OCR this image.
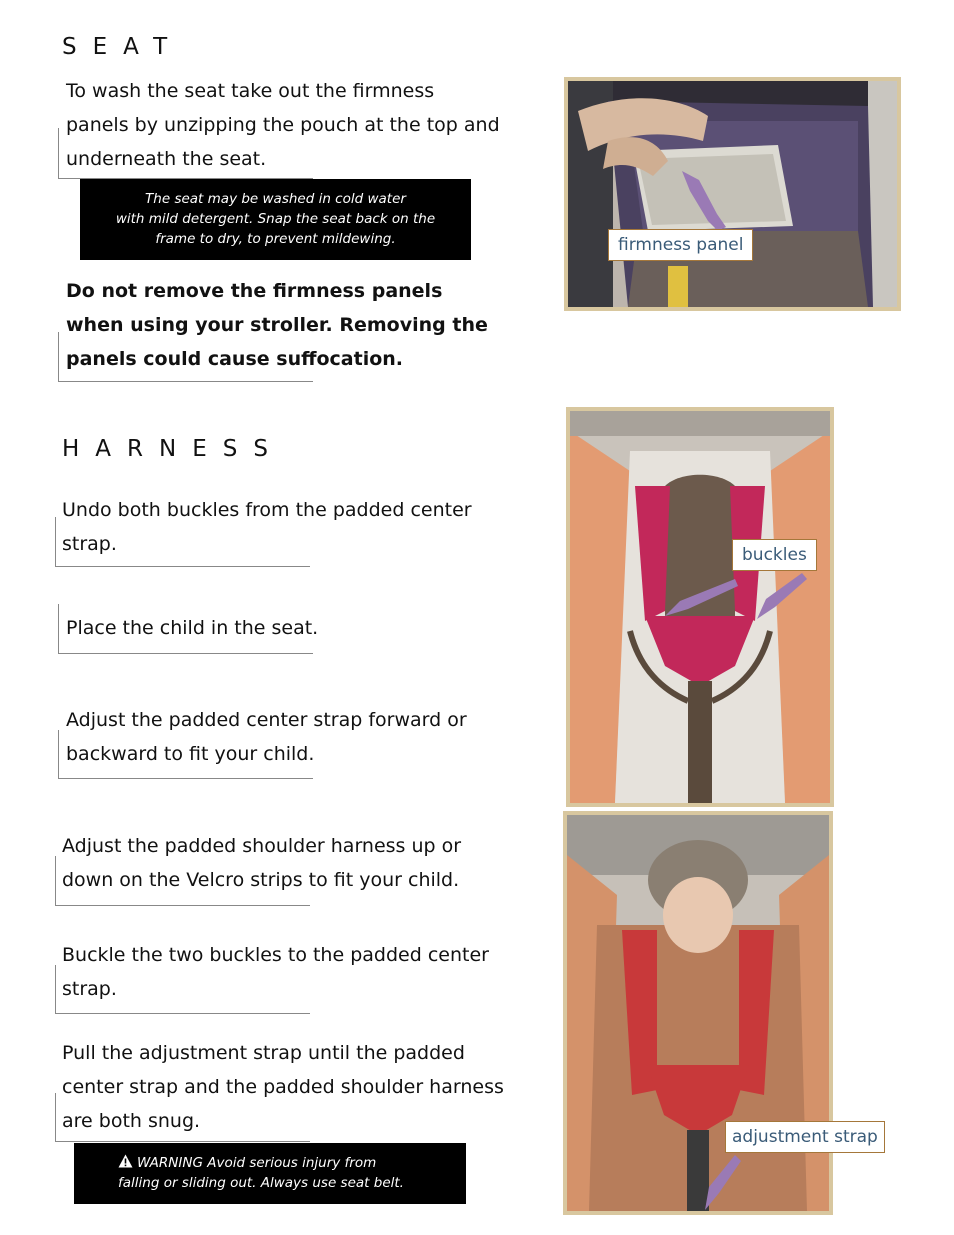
SEAT
To wash the seat take out the firmness
panels by unzipping the pouch at the top and
underneath the seat.
The seat may be washed in cold water
with mild detergent. Snap the seat back on the
frame to dry, to prevent mildewing.
Do not remove the firmness panels
when using your stroller. Removing the
panels could cause suffocation.
firmness panel
HARNESS
Undo both buckles from the padded center
strap.
Place the child in the seat.
Adjust the padded center strap forward or
backward to fit your child.
Adjust the padded shoulder harness up or
down on the Velcro strips to fit your child.
Buckle the two buckles to the padded center
strap.
Pull the adjustment strap until the padded
center strap and the padded shoulder harness
are both snug.
WARNING Avoid serious injury from
falling or sliding out. Always use seat belt.
buckles
adjustment strap
